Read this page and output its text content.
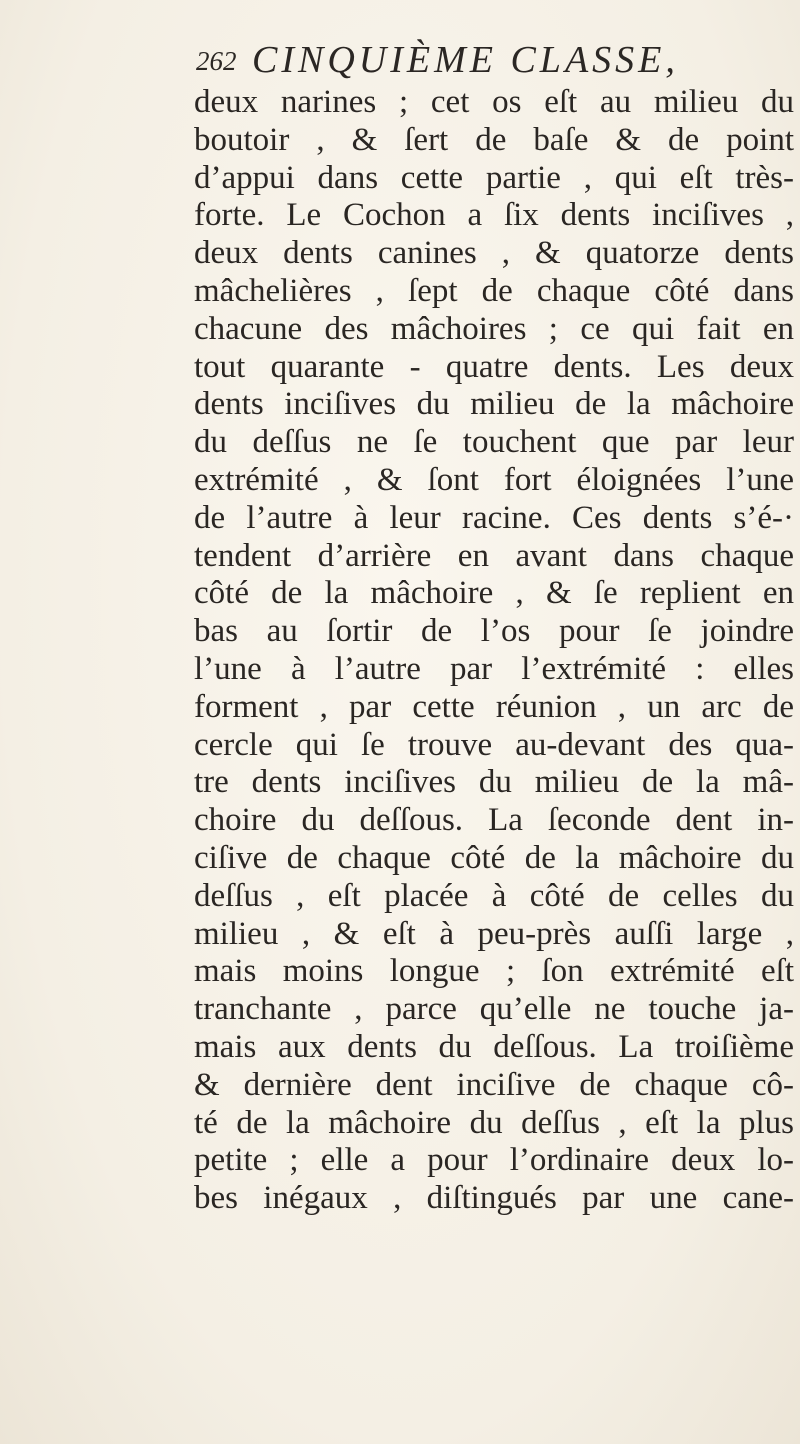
262 CINQUIÈME CLASSE,
deux narines ; cet os eſt au milieu du
boutoir , & ſert de baſe & de point
d’appui dans cette partie , qui eſt très-
forte. Le Cochon a ſix dents inciſives ,
deux dents canines , & quatorze dents
mâchelières , ſept de chaque côté dans
chacune des mâchoires ; ce qui fait en
tout quarante - quatre dents. Les deux
dents inciſives du milieu de la mâchoire
du deſſus ne ſe touchent que par leur
extrémité , & ſont fort éloignées l’une
de l’autre à leur racine. Ces dents s’é-·
tendent d’arrière en avant dans chaque
côté de la mâchoire , & ſe replient en
bas au ſortir de l’os pour ſe joindre
l’une à l’autre par l’extrémité : elles
forment , par cette réunion , un arc de
cercle qui ſe trouve au-devant des qua-
tre dents inciſives du milieu de la mâ-
choire du deſſous. La ſeconde dent in-
ciſive de chaque côté de la mâchoire du
deſſus , eſt placée à côté de celles du
milieu , & eſt à peu-près auſſi large ,
mais moins longue ; ſon extrémité eſt
tranchante , parce qu’elle ne touche ja-
mais aux dents du deſſous. La troiſième
& dernière dent inciſive de chaque cô-
té de la mâchoire du deſſus , eſt la plus
petite ; elle a pour l’ordinaire deux lo-
bes inégaux , diſtingués par une cane-
